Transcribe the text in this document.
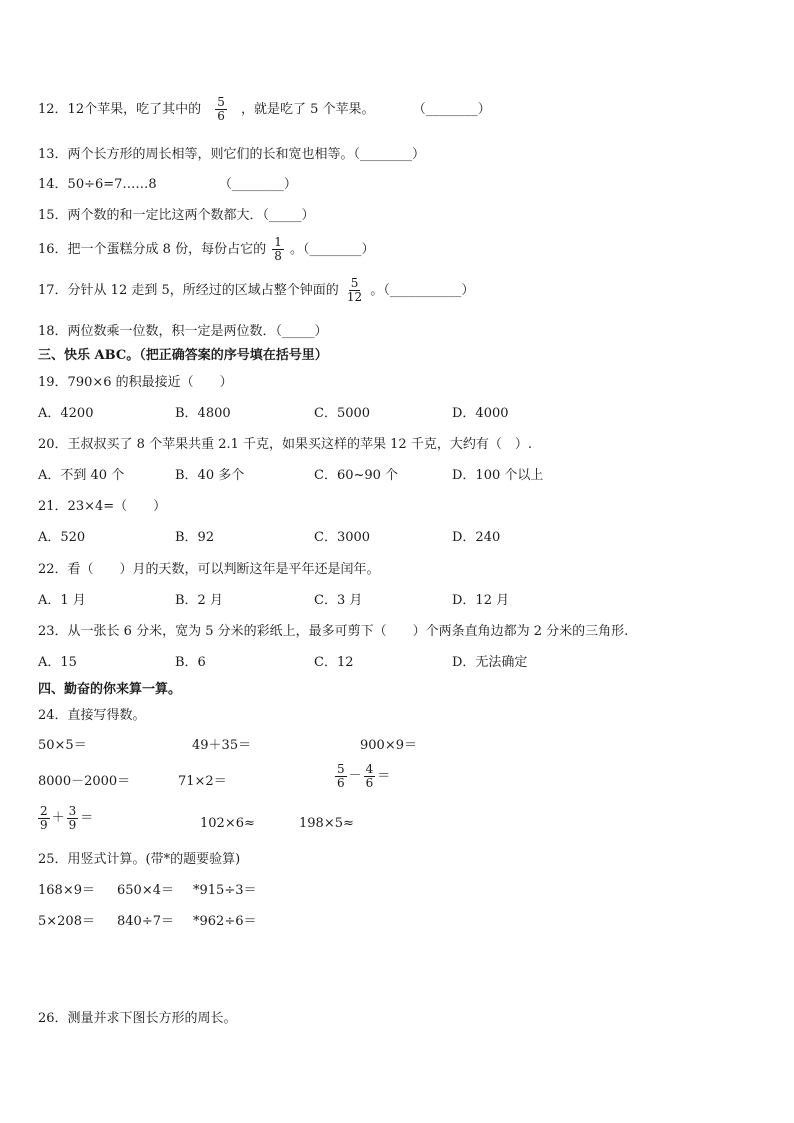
12．12个苹果，吃了其中的 $\frac{5}{6}$ ，就是吃了 5 个苹果。	（________）
13．两个长方形的周长相等，则它们的长和宽也相等。（________）
14．50÷6=7……8	（________）
15．两个数的和一定比这两个数都大．（_____）
16．把一个蛋糕分成 8 份，每份占它的 $\frac{1}{8}$ 。（________）
17．分针从 12 走到 5，所经过的区域占整个钟面的 $\frac{5}{12}$ 。（___________）
18．两位数乘一位数，积一定是两位数．（_____）
三、快乐 ABC。（把正确答案的序号填在括号里）
19．790×6 的积最接近（　　）
A．4200	B．4800	C．5000	D．4000
20．王叔叔买了 8 个苹果共重 2.1 千克，如果买这样的苹果 12 千克，大约有（　）.
A．不到 40 个	B．40 多个	C．60~90 个	D．100 个以上
21．23×4=（　　）
A．520	B．92	C．3000	D．240
22．看（　　）月的天数，可以判断这年是平年还是闰年。
A．1 月	B．2 月	C．3 月	D．12 月
23．从一张长 6 分米，宽为 5 分米的彩纸上，最多可剪下（　　）个两条直角边都为 2 分米的三角形.
A．15	B．6	C．12	D．无法确定
四、勤奋的你来算一算。
24．直接写得数。
50×5＝	49＋35＝	900×9＝
8000－2000＝	71×2＝	$\frac{5}{6} - \frac{4}{6}$ ＝
$\frac{2}{9} + \frac{3}{9}$ ＝	102×6≈	198×5≈
25．用竖式计算。(带*的题要验算)
168×9＝ 650×4＝ *915÷3＝
5×208＝ 840÷7＝ *962÷6＝
26．测量并求下图长方形的周长。
